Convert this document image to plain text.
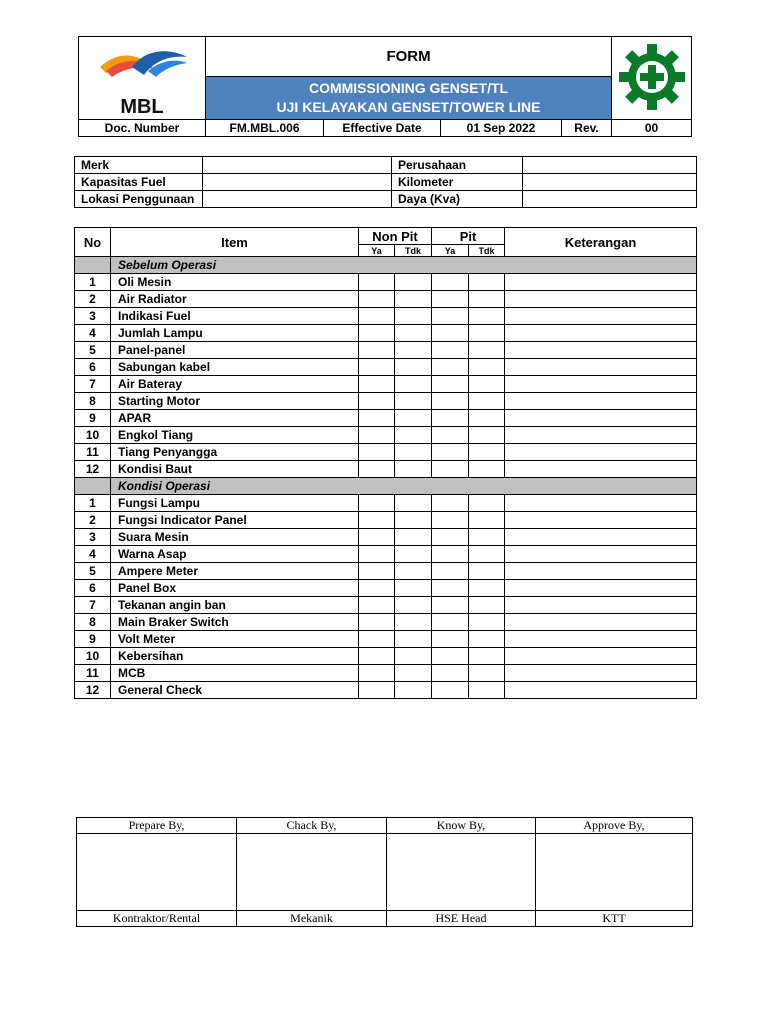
MBL	FORM	

	COMMISSIONING GENSET/TL
UJI KELAYAKAN GENSET/TOWER LINE				

Doc. Number	FM.MBL.006	Effective Date	01 Sep 2022	Rev.	00
Merk		Perusahaan	
Kapasitas Fuel		Kilometer	
Lokasi Penggunaan		Daya (Kva)	
No	Item	Non Pit		Pit		Keterangan
		Ya	Tdk	Ya	Tdk	
	Sebelum Operasi					
1	Oli Mesin					
2	Air Radiator					
3	Indikasi Fuel					
4	Jumlah Lampu					
5	Panel-panel					
6	Sabungan kabel					
7	Air Bateray					
8	Starting Motor					
9	APAR					
10	Engkol Tiang					
11	Tiang Penyangga					
12	Kondisi Baut					
	Kondisi Operasi					
1	Fungsi Lampu					
2	Fungsi Indicator Panel					
3	Suara Mesin					
4	Warna Asap					
5	Ampere Meter					
6	Panel Box					
7	Tekanan angin ban					
8	Main Braker Switch					
9	Volt Meter					
10	Kebersihan					
11	MCB					
12	General Check					
Prepare By,	Chack By,	Know By,	Approve By,

Kontraktor/Rental	Mekanik	HSE Head	KTT
